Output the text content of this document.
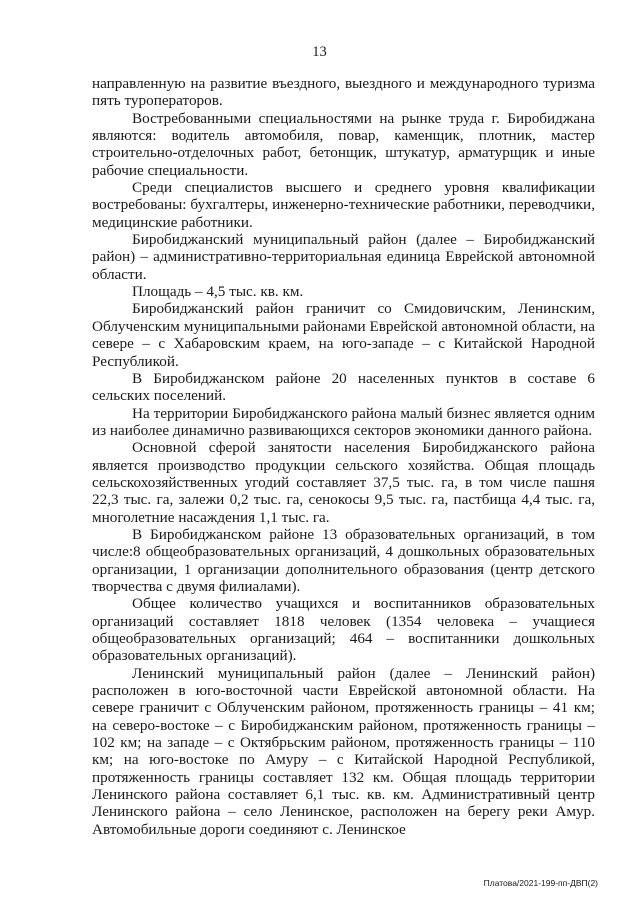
13

направленную на развитие въездного, выездного и международного туризма пять туроператоров.

Востребованными специальностями на рынке труда г. Биробиджана являются: водитель автомобиля, повар, каменщик, плотник, мастер строительно-отделочных работ, бетонщик, штукатур, арматурщик и иные рабочие специальности.

Среди специалистов высшего и среднего уровня квалификации востребованы: бухгалтеры, инженерно-технические работники, переводчики, медицинские работники.

Биробиджанский муниципальный район (далее – Биробиджанский район) – административно-территориальная единица Еврейской автономной области.

Площадь – 4,5 тыс. кв. км.

Биробиджанский район граничит со Смидовичским, Ленинским, Облученским муниципальными районами Еврейской автономной области, на севере – с Хабаровским краем, на юго-западе – с Китайской Народной Республикой.

В Биробиджанском районе 20 населенных пунктов в составе 6 сельских поселений.

На территории Биробиджанского района малый бизнес является одним из наиболее динамично развивающихся секторов экономики данного района.

Основной сферой занятости населения Биробиджанского района является производство продукции сельского хозяйства. Общая площадь сельскохозяйственных угодий составляет 37,5 тыс. га, в том числе пашня 22,3 тыс. га, залежи 0,2 тыс. га, сенокосы 9,5 тыс. га, пастбища 4,4 тыс. га, многолетние насаждения 1,1 тыс. га.

В Биробиджанском районе 13 образовательных организаций, в том числе:8 общеобразовательных организаций, 4 дошкольных образовательных организации, 1 организации дополнительного образования (центр детского творчества с двумя филиалами).

Общее количество учащихся и воспитанников образовательных организаций составляет 1818 человек (1354 человека – учащиеся общеобразовательных организаций; 464 – воспитанники дошкольных образовательных организаций).

Ленинский муниципальный район (далее – Ленинский район) расположен в юго-восточной части Еврейской автономной области. На севере граничит с Облученским районом, протяженность границы – 41 км; на северо-востоке – с Биробиджанским районом, протяженность границы – 102 км; на западе – с Октябрьским районом, протяженность границы – 110 км; на юго-востоке по Амуру – с Китайской Народной Республикой, протяженность границы составляет 132 км. Общая площадь территории Ленинского района составляет 6,1 тыс. кв. км. Административный центр Ленинского района – село Ленинское, расположен на берегу реки Амур. Автомобильные дороги соединяют с. Ленинское

Платова/2021-199-пп-ДВП(2)
